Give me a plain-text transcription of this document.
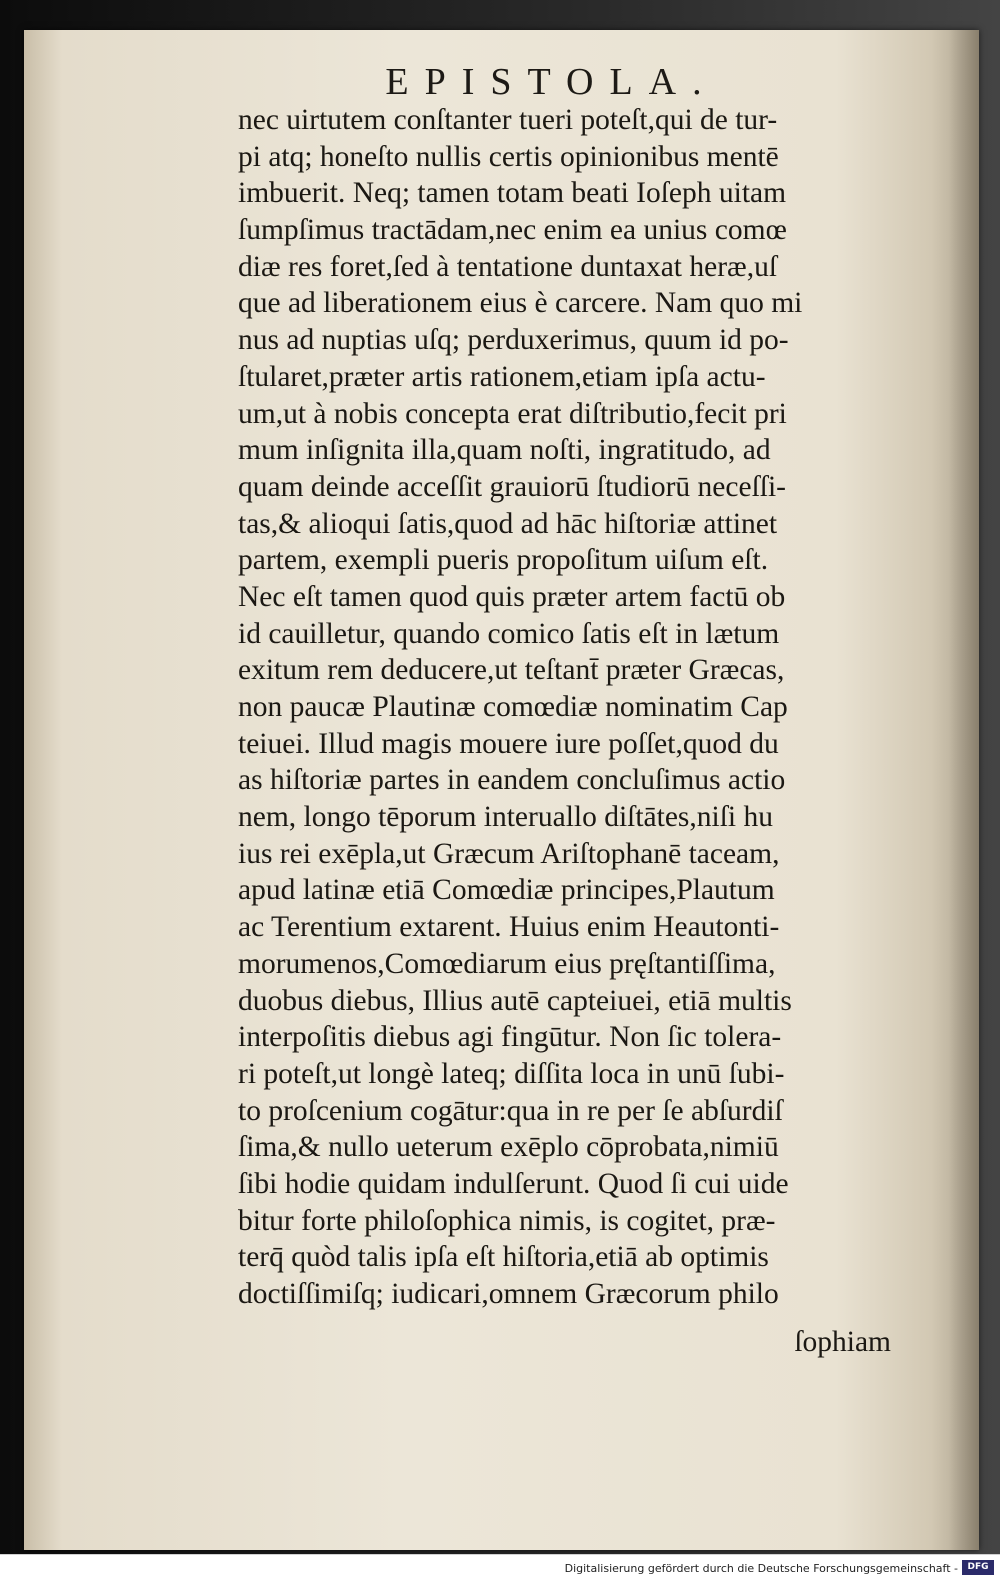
EPISTOLA.
nec uirtutem conſtanter tueri poteſt,qui de tur-
pi atq; honeſto nullis certis opinionibus mentē
imbuerit. Neq; tamen totam beati Ioſeph uitam
ſumpſimus tractādam,nec enim ea unius comœ
diæ res foret,ſed à tentatione duntaxat heræ,uſ
que ad liberationem eius è carcere. Nam quo mi
nus ad nuptias uſq; perduxerimus, quum id po-
ſtularet,præter artis rationem,etiam ipſa actu-
um,ut à nobis concepta erat diſtributio,fecit pri
mum inſignita illa,quam noſti, ingratitudo, ad
quam deinde acceſſit grauiorū ſtudiorū neceſſi-
tas,& alioqui ſatis,quod ad hāc hiſtoriæ attinet
partem, exempli pueris propoſitum uiſum eſt.
Nec eſt tamen quod quis præter artem factū ob
id cauilletur, quando comico ſatis eſt in lætum
exitum rem deducere,ut teſtant̄ præter Græcas,
non paucæ Plautinæ comœdiæ nominatim Cap
teiuei. Illud magis mouere iure poſſet,quod du
as hiſtoriæ partes in eandem concluſimus actio
nem, longo tēporum interuallo diſtātes,niſi hu
ius rei exēpla,ut Græcum Ariſtophanē taceam,
apud latinæ etiā Comœdiæ principes,Plautum
ac Terentium extarent. Huius enim Heautonti-
morumenos,Comœdiarum eius pręſtantiſſima,
duobus diebus, Illius autē capteiuei, etiā multis
interpoſitis diebus agi fingūtur. Non ſic tolera-
ri poteſt,ut longè lateq; diſſita loca in unū ſubi-
to proſcenium cogātur:qua in re per ſe abſurdiſ
ſima,& nullo ueterum exēplo cōprobata,nimiū
ſibi hodie quidam indulſerunt. Quod ſi cui uide
bitur forte philoſophica nimis, is cogitet, præ-
terq̄ quòd talis ipſa eſt hiſtoria,etiā ab optimis
doctiſſimiſq; iudicari,omnem Græcorum philo
ſophiam
Digitalisierung gefördert durch die Deutsche Forschungsgemeinschaft -	DFG
